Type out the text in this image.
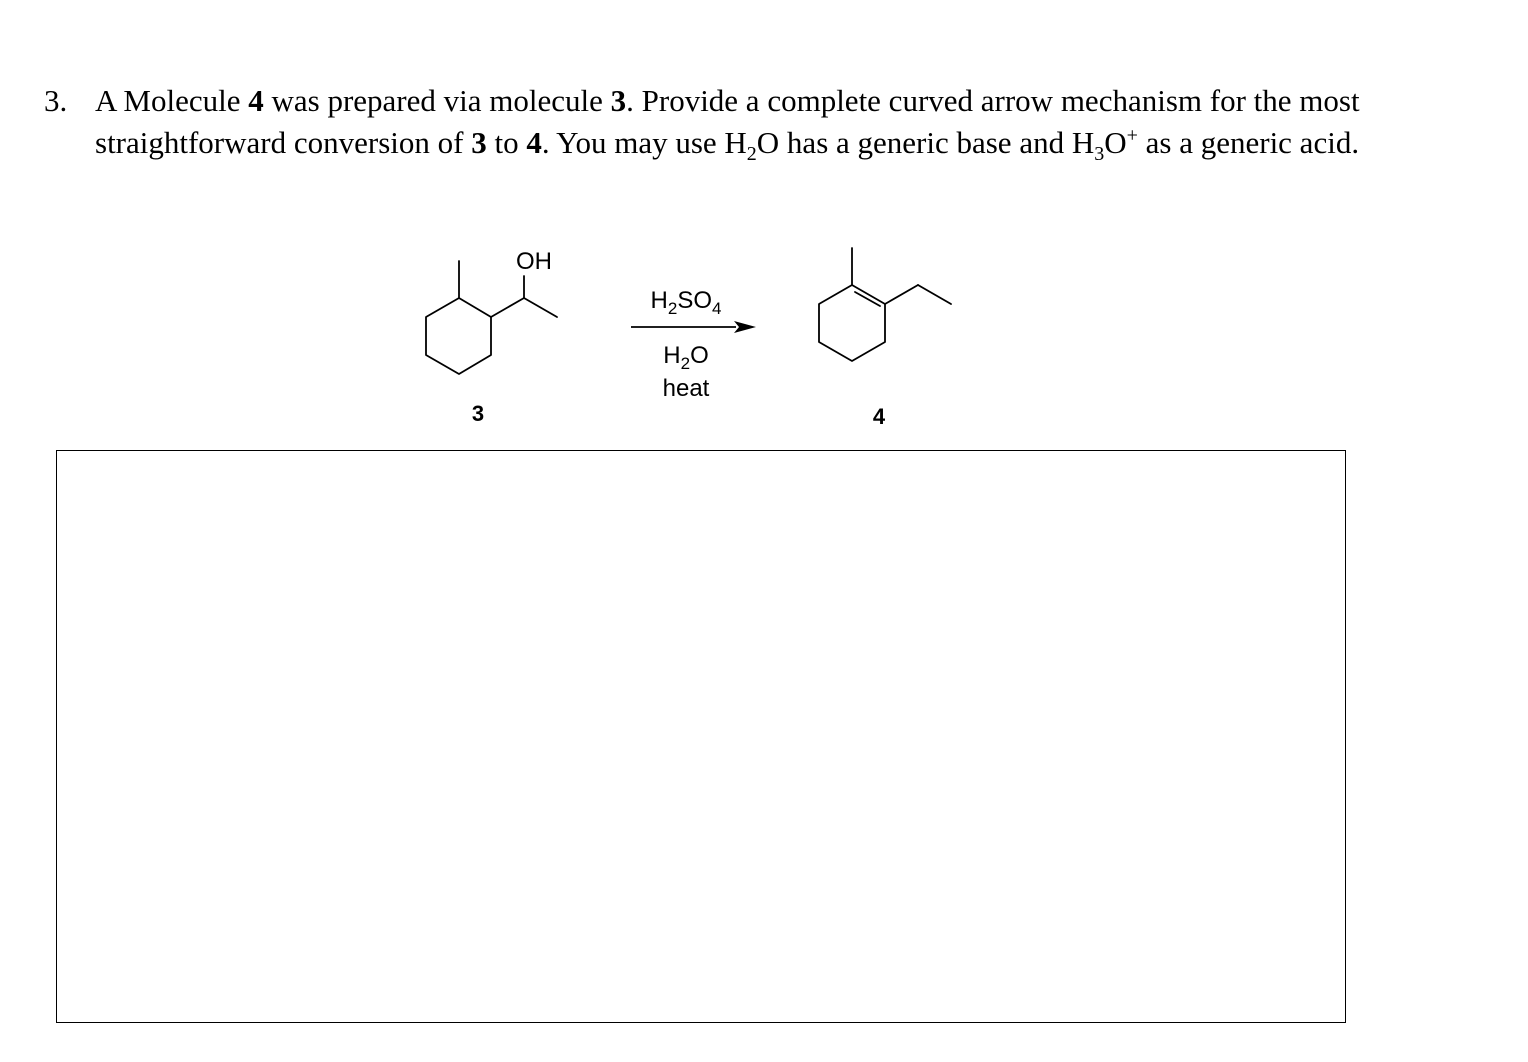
3. A Molecule 4 was prepared via molecule 3. Provide a complete curved arrow mechanism for the most straightforward conversion of 3 to 4. You may use $H_2O$ has a generic base and $H_3O^+$ as a generic acid.
OH
3
$H_2SO_4$
$H_2O$
heat
4
